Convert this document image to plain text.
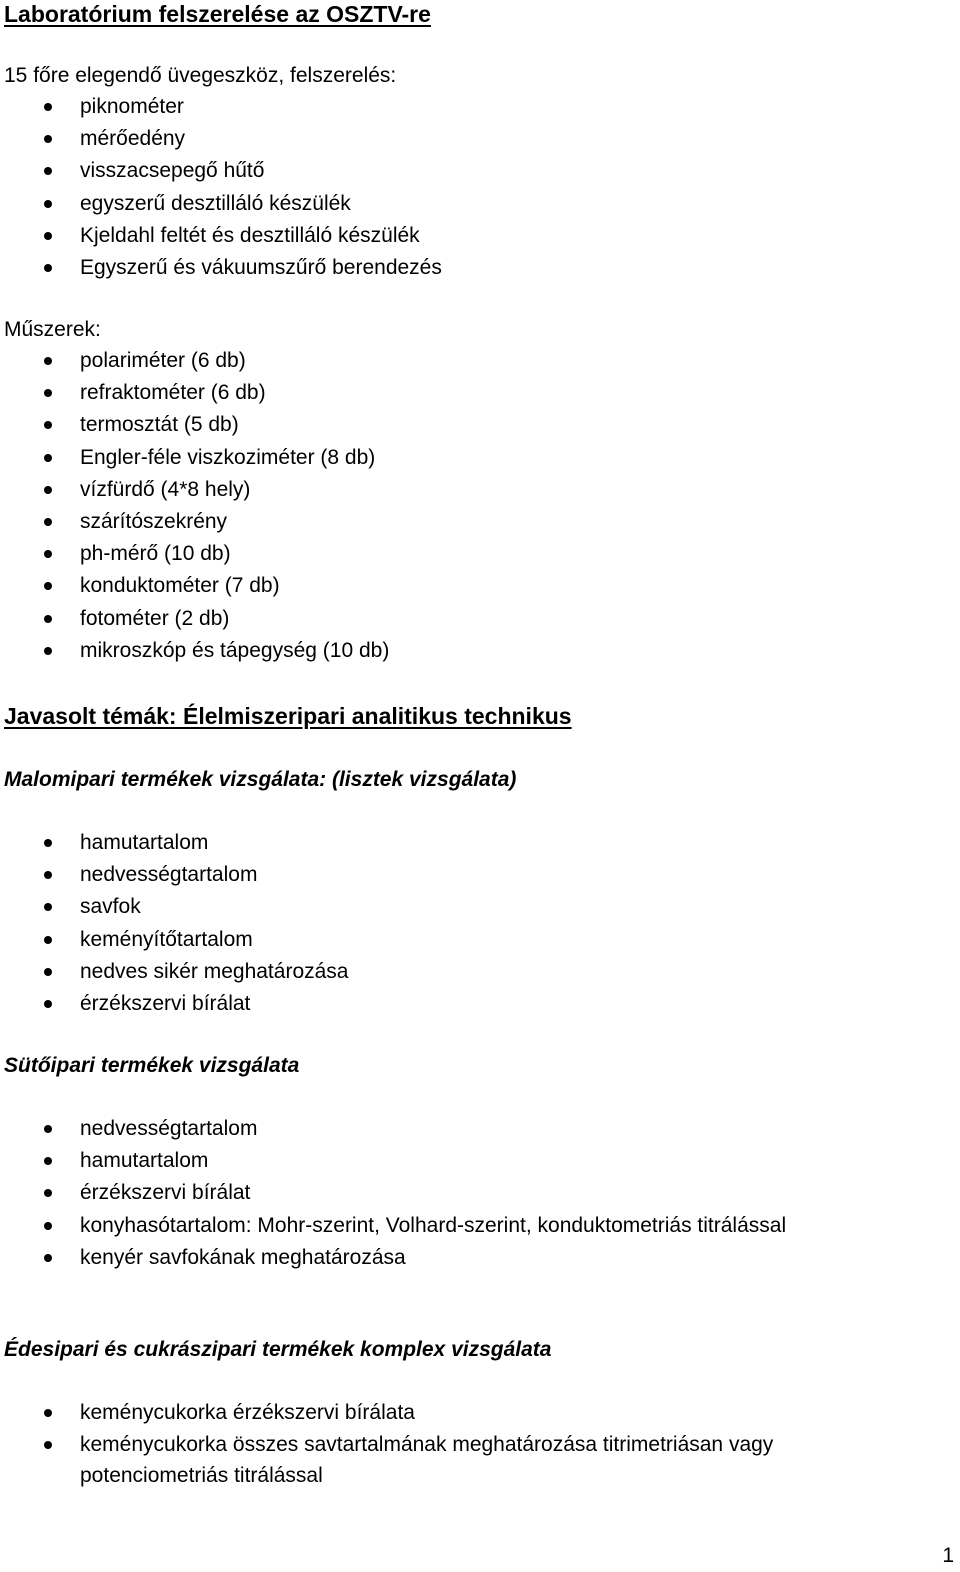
Laboratórium felszerelése az OSZTV-re
15 főre elegendő üvegeszköz, felszerelés:
piknométer
mérőedény
visszacsepegő hűtő
egyszerű desztilláló készülék
Kjeldahl feltét és desztilláló készülék
Egyszerű és vákuumszűrő berendezés
Műszerek:
polariméter (6 db)
refraktométer (6 db)
termosztát (5 db)
Engler-féle viszkoziméter (8 db)
vízfürdő (4*8 hely)
szárítószekrény
ph-mérő (10 db)
konduktométer (7 db)
fotométer (2 db)
mikroszkóp és tápegység (10 db)
Javasolt témák: Élelmiszeripari analitikus technikus
Malomipari termékek vizsgálata: (lisztek vizsgálata)
hamutartalom
nedvességtartalom
savfok
keményítőtartalom
nedves sikér meghatározása
érzékszervi bírálat
Sütőipari termékek vizsgálata
nedvességtartalom
hamutartalom
érzékszervi bírálat
konyhasótartalom: Mohr-szerint, Volhard-szerint, konduktometriás titrálással
kenyér savfokának meghatározása
Édesipari és cukrászipari termékek komplex vizsgálata
keménycukorka érzékszervi bírálata
keménycukorka összes savtartalmának meghatározása titrimetriásan vagy potenciometriás titrálással
1
